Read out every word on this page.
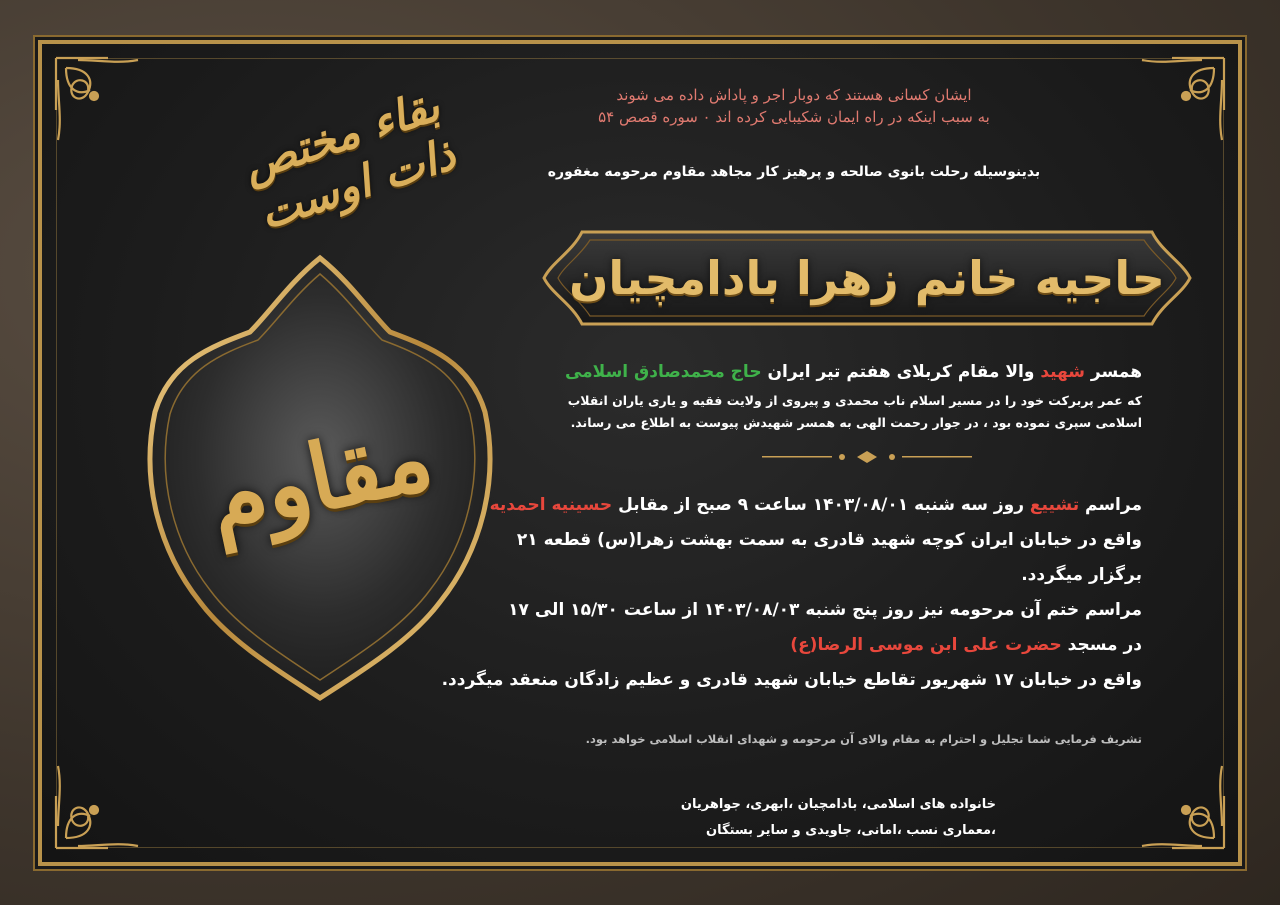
بقاء مختص ذات اوست
مقاوم
ایشان کسانی هستند که دوبار اجر و پاداش داده می شوند
به سبب اینکه در راه ایمان شکیبایی کرده اند ۰ سوره قصص ۵۴
بدینوسیله رحلت بانوی صالحه و پرهیز کار مجاهد مقاوم مرحومه مغفوره
حاجیه خانم زهرا بادامچیان
همسر شهید والا مقام کربلای هفتم تیر ایران حاج محمدصادق اسلامی
که عمر پربرکت خود را در مسیر اسلام ناب محمدی و پیروی از ولایت فقیه و یاری یاران انقلاب
اسلامی سپری نموده بود ، در جوار رحمت الهی به همسر شهیدش پیوست به اطلاع می رساند.
مراسم تشییع روز سه شنبه ۱۴۰۳/۰۸/۰۱ ساعت ۹ صبح از مقابل حسینیه احمدیه
واقع در خیابان ایران کوچه شهید قادری به سمت بهشت زهرا(س) قطعه ۲۱
برگزار میگردد.
مراسم ختم آن مرحومه نیز روز پنج شنبه ۱۴۰۳/۰۸/۰۳ از ساعت ۱۵/۳۰ الی ۱۷
در مسجد حضرت علی ابن موسی الرضا(ع)
واقع در خیابان ۱۷ شهریور تقاطع خیابان شهید قادری و عظیم زادگان منعقد میگردد.
تشریف فرمایی شما تجلیل و احترام به مقام والای آن مرحومه و شهدای انقلاب اسلامی خواهد بود.
خانواده های اسلامی، بادامچیان ،ابهری، جواهریان
،معماری نسب ،امانی، جاویدی و سایر بستگان
